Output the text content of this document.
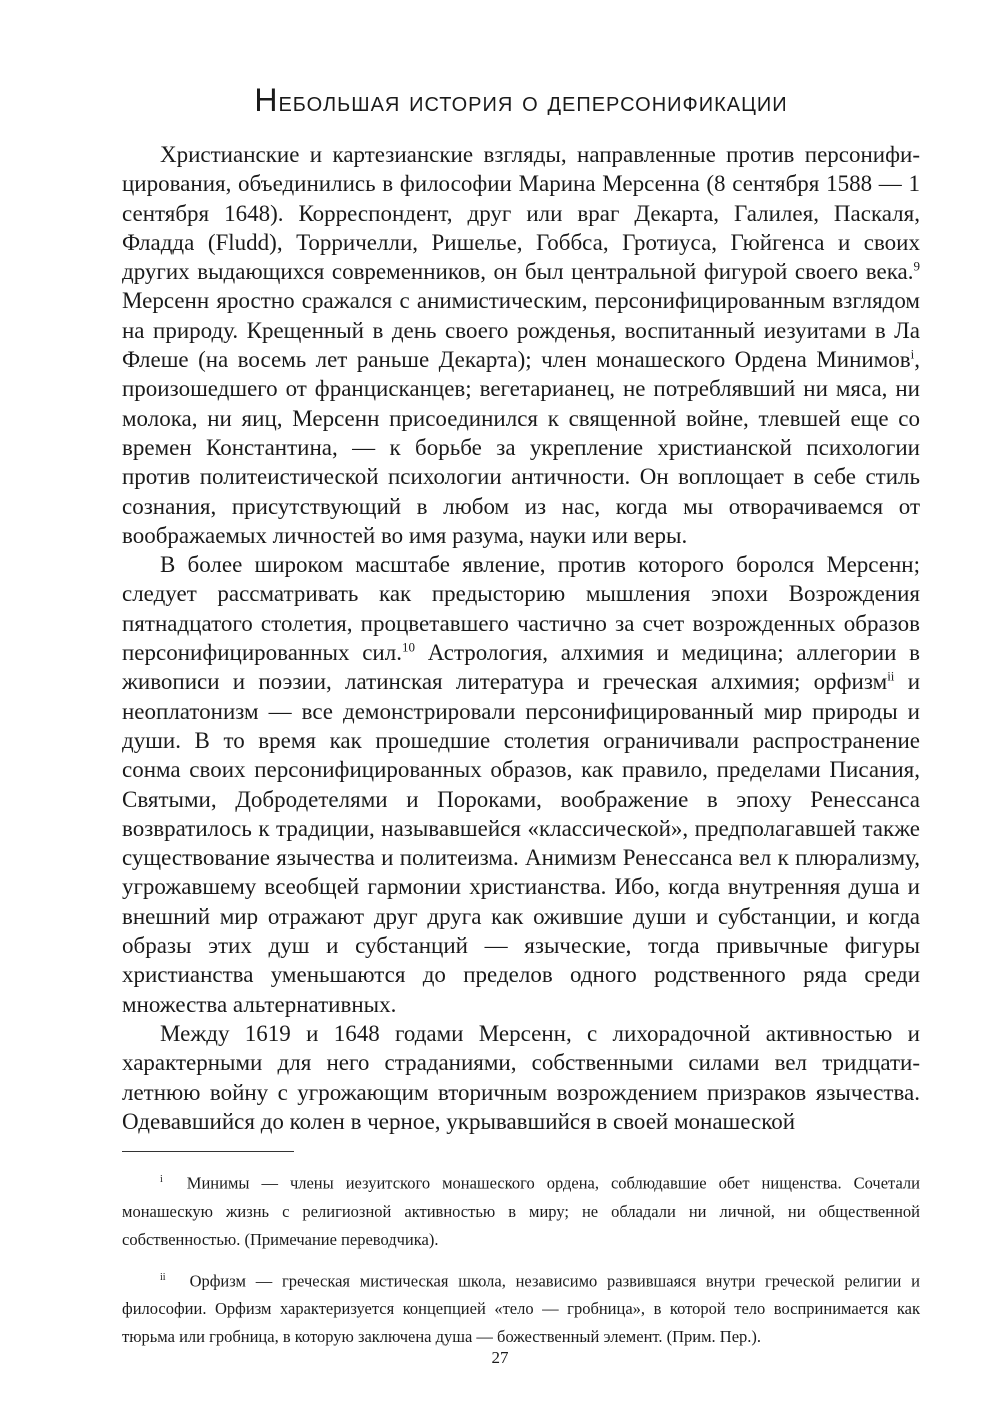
Небольшая история о деперсонификации

Христианские и картезианские взгляды, направленные против персонифицирования, объединились в философии Марина Мерсенна (8 сентября 1588 — 1 сентября 1648). Корреспондент, друг или враг Декарта, Галилея, Паскаля, Фладда (Fludd), Торричелли, Ришелье, Гоббса, Гротиуса, Гюйгенса и своих других выдающихся современников, он был центральной фигурой своего века.$^9$ Мерсенн яростно сражался с анимистическим, персонифицированным взглядом на природу. Крещенный в день своего рожденья, воспитанный иезуитами в Ла Флеше (на восемь лет раньше Декарта); член монашеского Ордена Минимов$^i$, произошедшего от францисканцев; вегетарианец, не потреблявший ни мяса, ни молока, ни яиц, Мерсенн присоединился к священной войне, тлевшей еще со времен Константина, — к борьбе за укрепление христианской психологии против политеистической психологии античности. Он воплощает в себе стиль сознания, присутствующий в любом из нас, когда мы отворачиваемся от воображаемых личностей во имя разума, науки или веры.

В более широком масштабе явление, против которого боролся Мерсенн; следует рассматривать как предысторию мышления эпохи Возрождения пятнадцатого столетия, процветавшего частично за счет возрожденных образов персонифицированных сил.$^{10}$ Астрология, алхимия и медицина; аллегории в живописи и поэзии, латинская литература и греческая алхимия; орфизм$^{ii}$ и неоплатонизм — все демонстрировали персонифицированный мир природы и души. В то время как прошедшие столетия ограничивали распространение сонма своих персонифицированных образов, как правило, пределами Писания, Святыми, Добродетелями и Пороками, воображение в эпоху Ренессанса возвратилось к традиции, называвшейся «классической», предполагавшей также существование язычества и политеизма. Анимизм Ренессанса вел к плюрализму, угрожавшему всеобщей гармонии христианства. Ибо, когда внутренняя душа и внешний мир отражают друг друга как ожившие души и субстанции, и когда образы этих душ и субстанций — языческие, тогда привычные фигуры христианства уменьшаются до пределов одного родственного ряда среди множества альтернативных.

Между 1619 и 1648 годами Мерсенн, с лихорадочной активностью и характерными для него страданиями, собственными силами вел тридцатилетнюю войну с угрожающим вторичным возрождением призраков язычества. Одевавшийся до колен в черное, укрывавшийся в своей монашеской

$^i$ Минимы — члены иезуитского монашеского ордена, соблюдавшие обет нищенства. Сочетали монашескую жизнь с религиозной активностью в миру; не обладали ни личной, ни общественной собственностью. (Примечание переводчика).

$^{ii}$ Орфизм — греческая мистическая школа, независимо развившаяся внутри греческой религии и философии. Орфизм характеризуется концепцией «тело — гробница», в которой тело воспринимается как тюрьма или гробница, в которую заключена душа — божественный элемент. (Прим. Пер.).

27
